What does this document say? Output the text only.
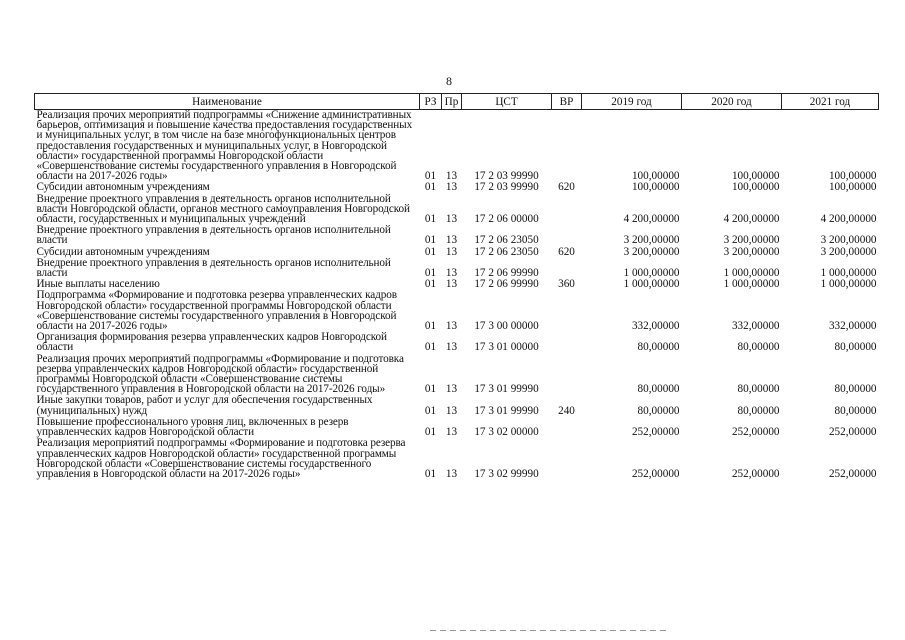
8
Наименование	РЗ	Пр	ЦСТ	ВР	2019 год	2020 год	2021 год
Реализация прочих мероприятий подпрограммы «Снижение административных барьеров, оптимизация и повышение качества предоставления государственных и муниципальных услуг, в том числе на базе многофункциональных центров предоставления государственных и муниципальных услуг, в Новгородской области» государственной программы Новгородской области «Совершенствование системы государственного управления в Новгородской области на 2017-2026 годы»	01	13	17 2 03 99990		100,00000	100,00000	100,00000
Субсидии автономным учреждениям	01	13	17 2 03 99990	620	100,00000	100,00000	100,00000
Внедрение проектного управления в деятельность органов исполнительной власти Новгородской области, органов местного самоуправления Новгородской области, государственных и муниципальных учреждений	01	13	17 2 06 00000		4 200,00000	4 200,00000	4 200,00000
Внедрение проектного управления в деятельность органов исполнительной власти	01	13	17 2 06 23050		3 200,00000	3 200,00000	3 200,00000
Субсидии автономным учреждениям	01	13	17 2 06 23050	620	3 200,00000	3 200,00000	3 200,00000
Внедрение проектного управления в деятельность органов исполнительной власти	01	13	17 2 06 99990		1 000,00000	1 000,00000	1 000,00000
Иные выплаты населению	01	13	17 2 06 99990	360	1 000,00000	1 000,00000	1 000,00000
Подпрограмма «Формирование и подготовка резерва управленческих кадров Новгородской области» государственной программы Новгородской области «Совершенствование системы государственного управления в Новгородской области на 2017-2026 годы»	01	13	17 3 00 00000		332,00000	332,00000	332,00000
Организация формирования резерва управленческих кадров Новгородской области	01	13	17 3 01 00000		80,00000	80,00000	80,00000
Реализация прочих мероприятий подпрограммы «Формирование и подготовка резерва управленческих кадров Новгородской области» государственной программы Новгородской области «Совершенствование системы государственного управления в Новгородской области на 2017-2026 годы»	01	13	17 3 01 99990		80,00000	80,00000	80,00000
Иные закупки товаров, работ и услуг для обеспечения государственных (муниципальных) нужд	01	13	17 3 01 99990	240	80,00000	80,00000	80,00000
Повышение профессионального уровня лиц, включенных в резерв управленческих кадров Новгородской области	01	13	17 3 02 00000		252,00000	252,00000	252,00000
Реализация мероприятий подпрограммы «Формирование и подготовка резерва управленческих кадров Новгородской области» государственной программы Новгородской области «Совершенствование системы государственного управления в Новгородской области на 2017-2026 годы»	01	13	17 3 02 99990		252,00000	252,00000	252,00000
